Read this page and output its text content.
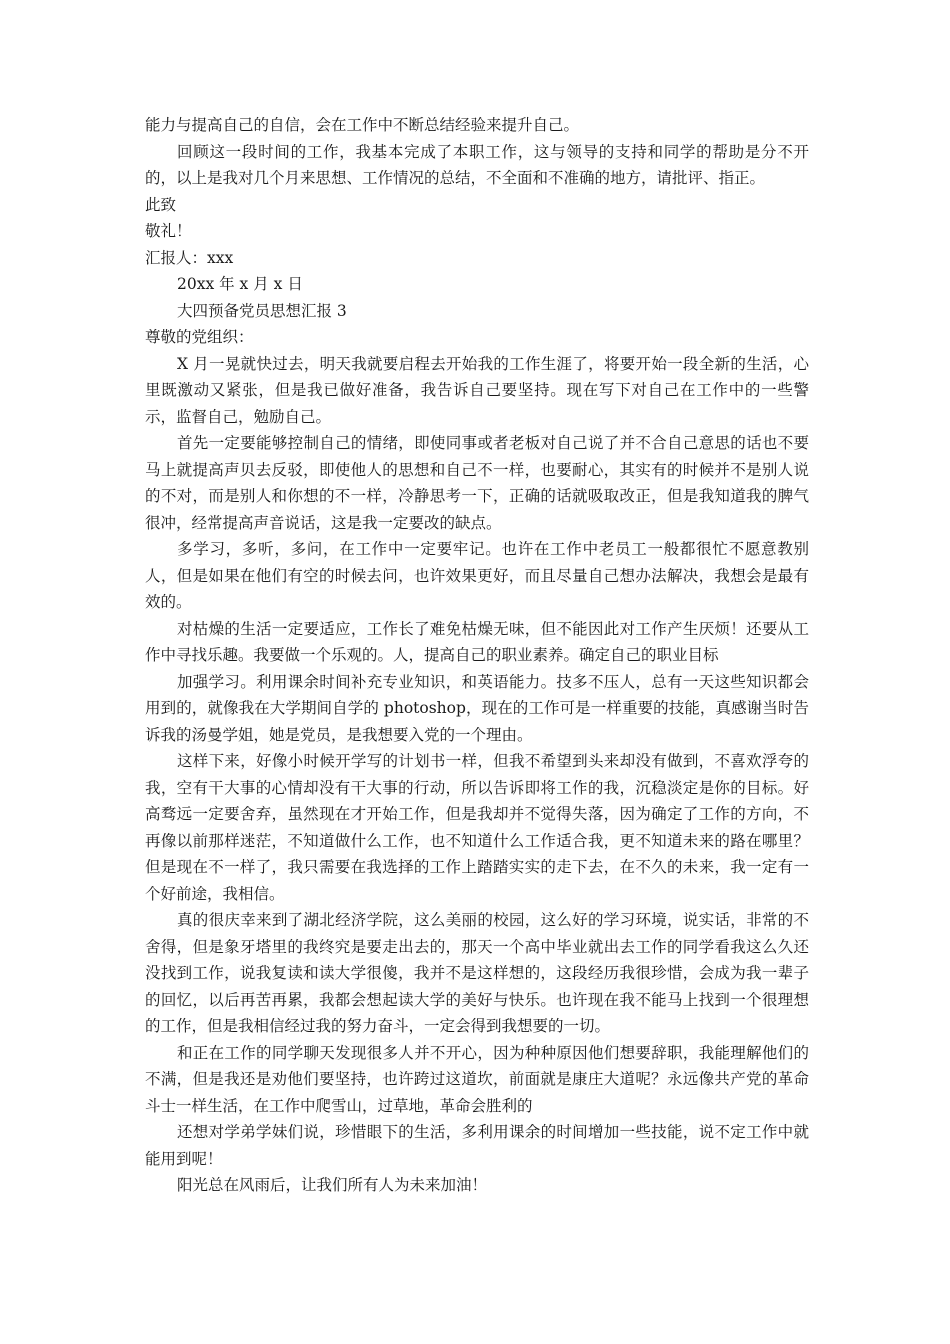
能力与提高自己的自信，会在工作中不断总结经验来提升自己。

回顾这一段时间的工作，我基本完成了本职工作，这与领导的支持和同学的帮助是分不开的，以上是我对几个月来思想、工作情况的总结，不全面和不准确的地方，请批评、指正。

此致

敬礼！

汇报人：xxx

20xx 年 x 月 x 日

大四预备党员思想汇报 3

尊敬的党组织：

X 月一晃就快过去，明天我就要启程去开始我的工作生涯了，将要开始一段全新的生活，心里既激动又紧张，但是我已做好准备，我告诉自己要坚持。现在写下对自己在工作中的一些警示，监督自己，勉励自己。

首先一定要能够控制自己的情绪，即使同事或者老板对自己说了并不合自己意思的话也不要马上就提高声贝去反驳，即使他人的思想和自己不一样，也要耐心，其实有的时候并不是别人说的不对，而是别人和你想的不一样，冷静思考一下，正确的话就吸取改正，但是我知道我的脾气很冲，经常提高声音说话，这是我一定要改的缺点。

多学习，多听，多问，在工作中一定要牢记。也许在工作中老员工一般都很忙不愿意教别人，但是如果在他们有空的时候去问，也许效果更好，而且尽量自己想办法解决，我想会是最有效的。

对枯燥的生活一定要适应，工作长了难免枯燥无味，但不能因此对工作产生厌烦！还要从工作中寻找乐趣。我要做一个乐观的。人，提高自己的职业素养。确定自己的职业目标

加强学习。利用课余时间补充专业知识，和英语能力。技多不压人，总有一天这些知识都会用到的，就像我在大学期间自学的 photoshop，现在的工作可是一样重要的技能，真感谢当时告诉我的汤曼学姐，她是党员，是我想要入党的一个理由。

这样下来，好像小时候开学写的计划书一样，但我不希望到头来却没有做到，不喜欢浮夸的我，空有干大事的心情却没有干大事的行动，所以告诉即将工作的我，沉稳淡定是你的目标。好高骛远一定要舍弃，虽然现在才开始工作，但是我却并不觉得失落，因为确定了工作的方向，不再像以前那样迷茫，不知道做什么工作，也不知道什么工作适合我，更不知道未来的路在哪里？但是现在不一样了，我只需要在我选择的工作上踏踏实实的走下去，在不久的未来，我一定有一个好前途，我相信。

真的很庆幸来到了湖北经济学院，这么美丽的校园，这么好的学习环境，说实话，非常的不舍得，但是象牙塔里的我终究是要走出去的，那天一个高中毕业就出去工作的同学看我这么久还没找到工作，说我复读和读大学很傻，我并不是这样想的，这段经历我很珍惜，会成为我一辈子的回忆，以后再苦再累，我都会想起读大学的美好与快乐。也许现在我不能马上找到一个很理想的工作，但是我相信经过我的努力奋斗，一定会得到我想要的一切。

和正在工作的同学聊天发现很多人并不开心，因为种种原因他们想要辞职，我能理解他们的不满，但是我还是劝他们要坚持，也许跨过这道坎，前面就是康庄大道呢？永远像共产党的革命斗士一样生活，在工作中爬雪山，过草地，革命会胜利的

还想对学弟学妹们说，珍惜眼下的生活，多利用课余的时间增加一些技能，说不定工作中就能用到呢！

阳光总在风雨后，让我们所有人为未来加油！
